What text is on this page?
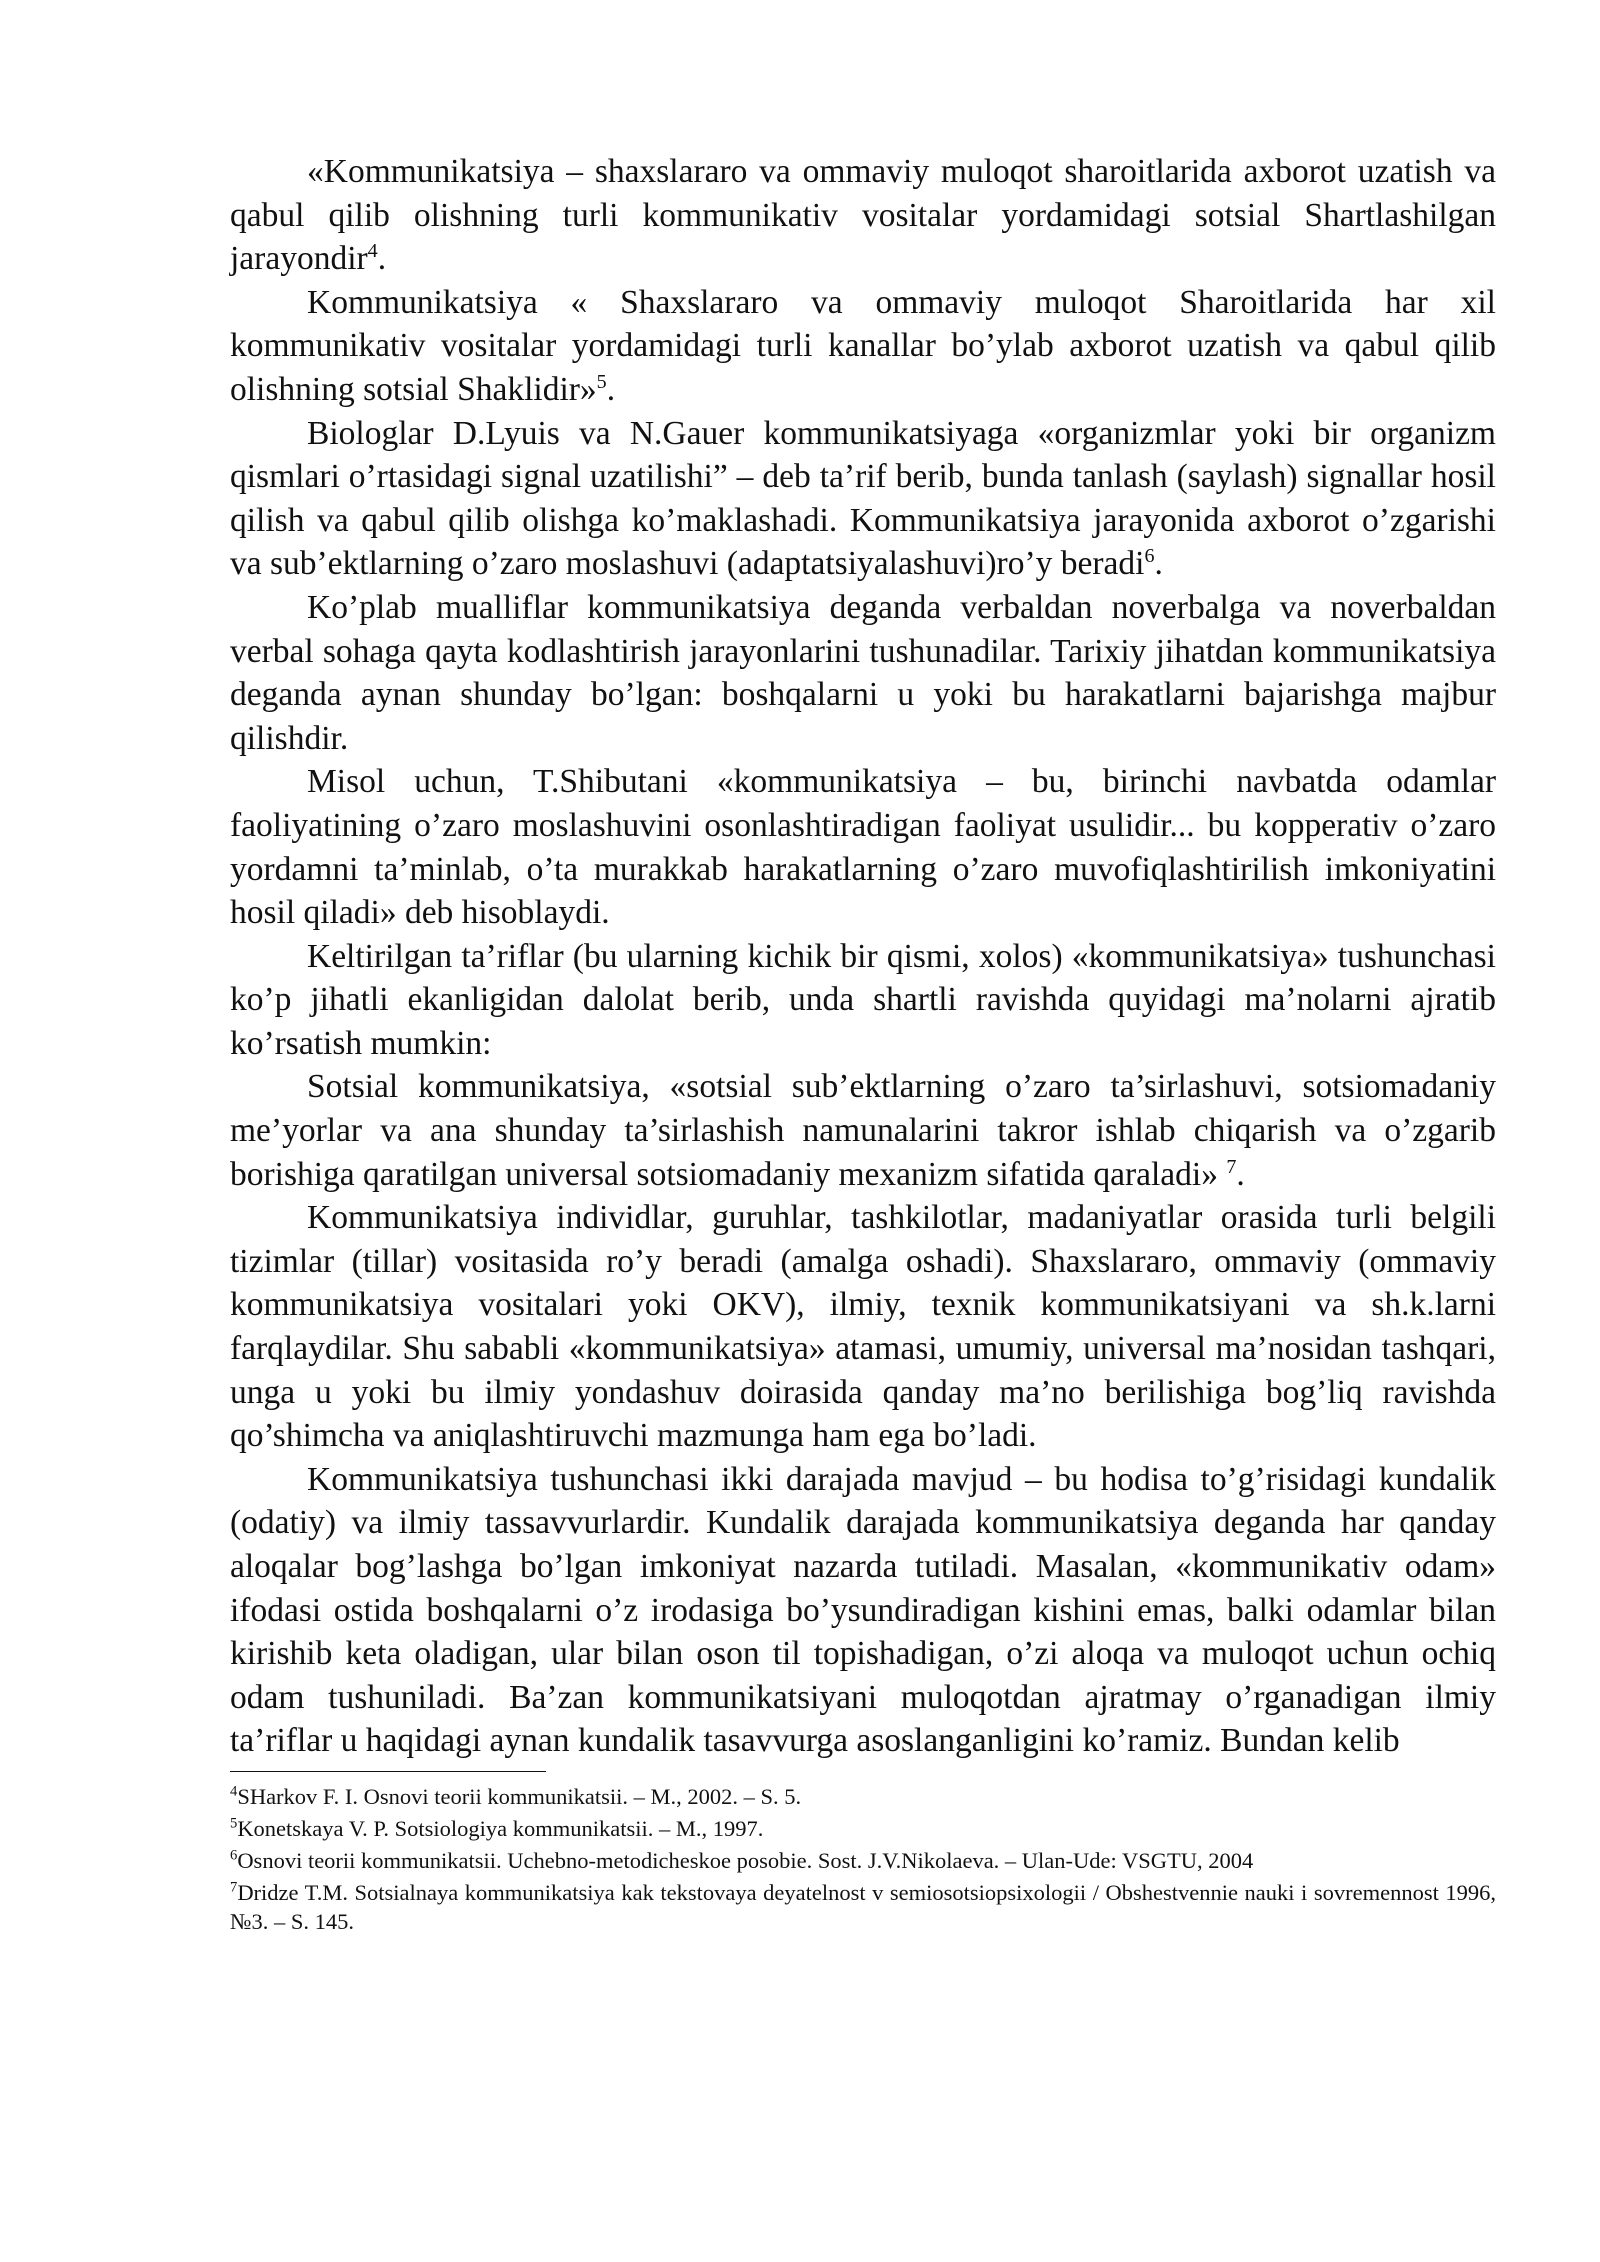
«Kommunikatsiya – shaxslararo va ommaviy muloqot sharoitlarida axborot uzatish va qabul qilib olishning turli kommunikativ vositalar yordamidagi sotsial Shartlashilgan jarayondir$^4$.

Kommunikatsiya « Shaxslararo va ommaviy muloqot Sharoitlarida har xil kommunikativ vositalar yordamidagi turli kanallar bo’ylab axborot uzatish va qabul qilib olishning sotsial Shaklidir»$^5$.

Biologlar D.Lyuis va N.Gauer kommunikatsiyaga «organizmlar yoki bir organizm qismlari o’rtasidagi signal uzatilishi” – deb ta’rif berib, bunda tanlash (saylash) signallar hosil qilish va qabul qilib olishga ko’maklashadi. Kommunikatsiya jarayonida axborot o’zgarishi va sub’ektlarning o’zaro moslashuvi (adaptatsiyalashuvi)ro’y beradi$^6$.

Ko’plab mualliflar kommunikatsiya deganda verbaldan noverbalga va noverbaldan verbal sohaga qayta kodlashtirish jarayonlarini tushunadilar. Tarixiy jihatdan kommunikatsiya deganda aynan shunday bo’lgan: boshqalarni u yoki bu harakatlarni bajarishga majbur qilishdir.

Misol uchun, T.Shibutani «kommunikatsiya – bu, birinchi navbatda odamlar faoliyatining o’zaro moslashuvini osonlashtiradigan faoliyat usulidir... bu kopperativ o’zaro yordamni ta’minlab, o’ta murakkab harakatlarning o’zaro muvofiqlashtirilish imkoniyatini hosil qiladi» deb hisoblaydi.

Keltirilgan ta’riflar (bu ularning kichik bir qismi, xolos) «kommunikatsiya» tushunchasi ko’p jihatli ekanligidan dalolat berib, unda shartli ravishda quyidagi ma’nolarni ajratib ko’rsatish mumkin:

Sotsial kommunikatsiya, «sotsial sub’ektlarning o’zaro ta’sirlashuvi, sotsiomadaniy me’yorlar va ana shunday ta’sirlashish namunalarini takror ishlab chiqarish va o’zgarib borishiga qaratilgan universal sotsiomadaniy mexanizm sifatida qaraladi» $^7$.

Kommunikatsiya individlar, guruhlar, tashkilotlar, madaniyatlar orasida turli belgili tizimlar (tillar) vositasida ro’y beradi (amalga oshadi). Shaxslararo, ommaviy (ommaviy kommunikatsiya vositalari yoki OKV), ilmiy, texnik kommunikatsiyani va sh.k.larni farqlaydilar. Shu sababli «kommunikatsiya» atamasi, umumiy, universal ma’nosidan tashqari, unga u yoki bu ilmiy yondashuv doirasida qanday ma’no berilishiga bog’liq ravishda qo’shimcha va aniqlashtiruvchi mazmunga ham ega bo’ladi.

Kommunikatsiya tushunchasi ikki darajada mavjud – bu hodisa to’g’risidagi kundalik (odatiy) va ilmiy tassavvurlardir. Kundalik darajada kommunikatsiya deganda har qanday aloqalar bog’lashga bo’lgan imkoniyat nazarda tutiladi. Masalan, «kommunikativ odam» ifodasi ostida boshqalarni o’z irodasiga bo’ysundiradigan kishini emas, balki odamlar bilan kirishib keta oladigan, ular bilan oson til topishadigan, o’zi aloqa va muloqot uchun ochiq odam tushuniladi. Ba’zan kommunikatsiyani muloqotdan ajratmay o’rganadigan ilmiy ta’riflar u haqidagi aynan kundalik tasavvurga asoslanganligini ko’ramiz. Bundan kelib

$^4$SHarkov F. I. Osnovi teorii kommunikatsii. – M., 2002. – S. 5.

$^5$Konetskaya V. P. Sotsiologiya kommunikatsii. – M., 1997.

$^6$Osnovi teorii kommunikatsii. Uchebno-metodicheskoe posobie. Sost. J.V.Nikolaeva. – Ulan-Ude: VSGTU, 2004

$^7$Dridze T.M. Sotsialnaya kommunikatsiya kak tekstovaya deyatelnost v semiosotsiopsixologii / Obshestvennie nauki i sovremennost 1996, №3. – S. 145.
